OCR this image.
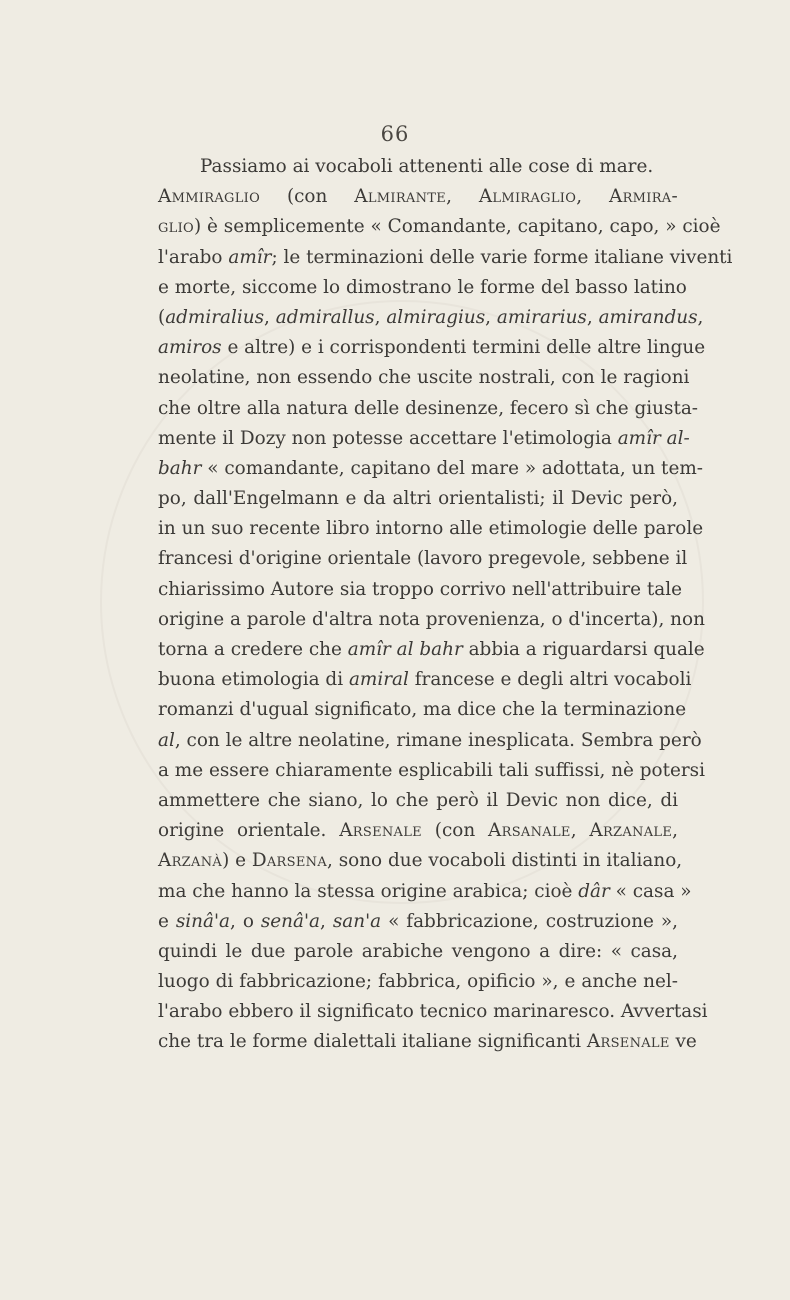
66
Passiamo ai vocaboli attenenti alle cose di mare.
Ammiraglio (con Almirante, Almiraglio, Armira-
glio) è semplicemente « Comandante, capitano, capo, » cioè
l'arabo amîr; le terminazioni delle varie forme italiane viventi
e morte, siccome lo dimostrano le forme del basso latino
(admiralius, admirallus, almiragius, amirarius, amirandus,
amiros e altre) e i corrispondenti termini delle altre lingue
neolatine, non essendo che uscite nostrali, con le ragioni
che oltre alla natura delle desinenze, fecero sì che giusta-
mente il Dozy non potesse accettare l'etimologia amîr al-
bahr « comandante, capitano del mare » adottata, un tem-
po, dall'Engelmann e da altri orientalisti; il Devic però,
in un suo recente libro intorno alle etimologie delle parole
francesi d'origine orientale (lavoro pregevole, sebbene il
chiarissimo Autore sia troppo corrivo nell'attribuire tale
origine a parole d'altra nota provenienza, o d'incerta), non
torna a credere che amîr al bahr abbia a riguardarsi quale
buona etimologia di amiral francese e degli altri vocaboli
romanzi d'ugual significato, ma dice che la terminazione
al, con le altre neolatine, rimane inesplicata. Sembra però
a me essere chiaramente esplicabili tali suffissi, nè potersi
ammettere che siano, lo che però il Devic non dice, di
origine orientale. Arsenale (con Arsanale, Arzanale,
Arzanà) e Darsena, sono due vocaboli distinti in italiano,
ma che hanno la stessa origine arabica; cioè dâr « casa »
e sinâ'a, o senâ'a, san'a « fabbricazione, costruzione »,
quindi le due parole arabiche vengono a dire: « casa,
luogo di fabbricazione; fabbrica, opificio », e anche nel-
l'arabo ebbero il significato tecnico marinaresco. Avvertasi
che tra le forme dialettali italiane significanti Arsenale ve
